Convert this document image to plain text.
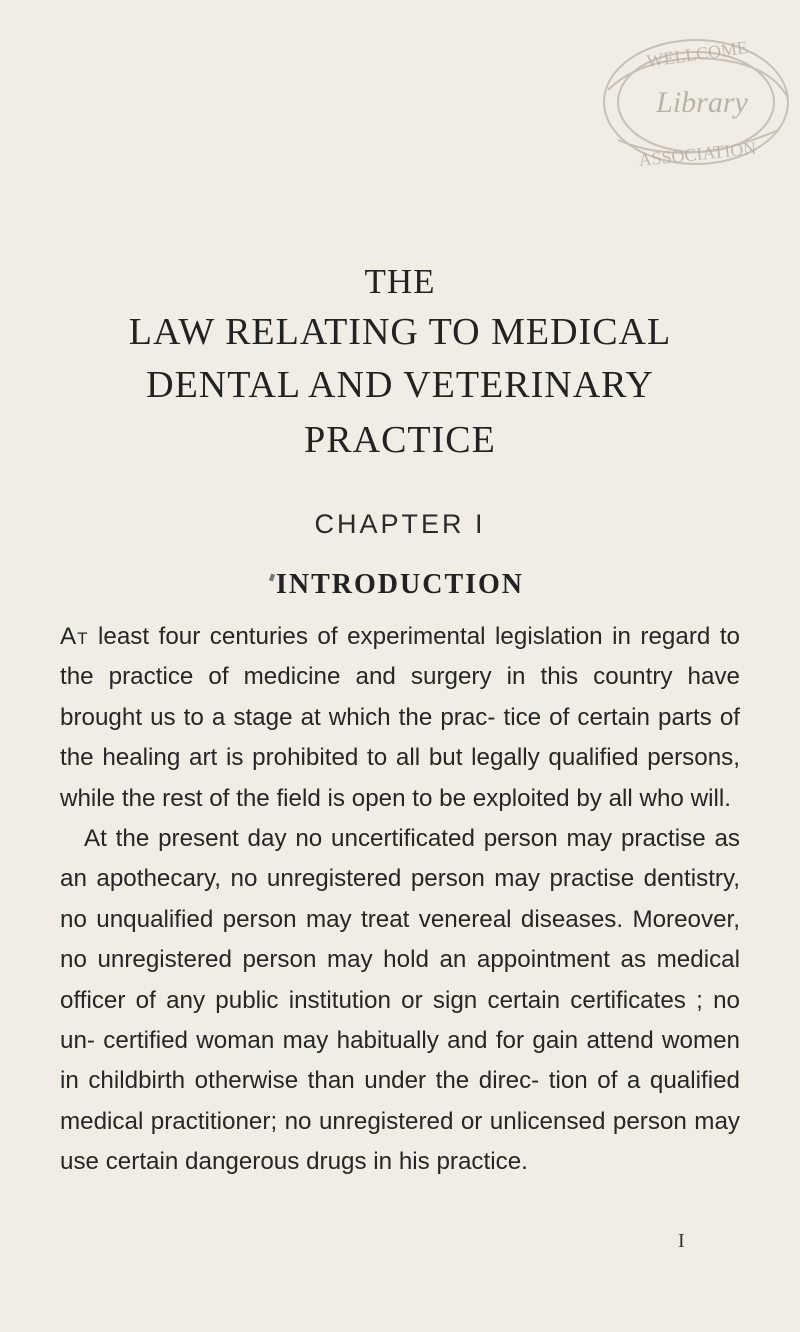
WELLCOME
Library
ASSOCIATION
THE
LAW RELATING TO MEDICAL
DENTAL AND VETERINARY
PRACTICE
CHAPTER I
INTRODUCTION

At least four centuries of experimental legislation in regard to the practice of medicine and surgery in this country have brought us to a stage at which the prac- tice of certain parts of the healing art is prohibited to all but legally qualified persons, while the rest of the field is open to be exploited by all who will.

At the present day no uncertificated person may practise as an apothecary, no unregistered person may practise dentistry, no unqualified person may treat venereal diseases. Moreover, no unregistered person may hold an appointment as medical officer of any public institution or sign certain certificates ; no un- certified woman may habitually and for gain attend women in childbirth otherwise than under the direc- tion of a qualified medical practitioner; no unregistered or unlicensed person may use certain dangerous drugs in his practice.

I
